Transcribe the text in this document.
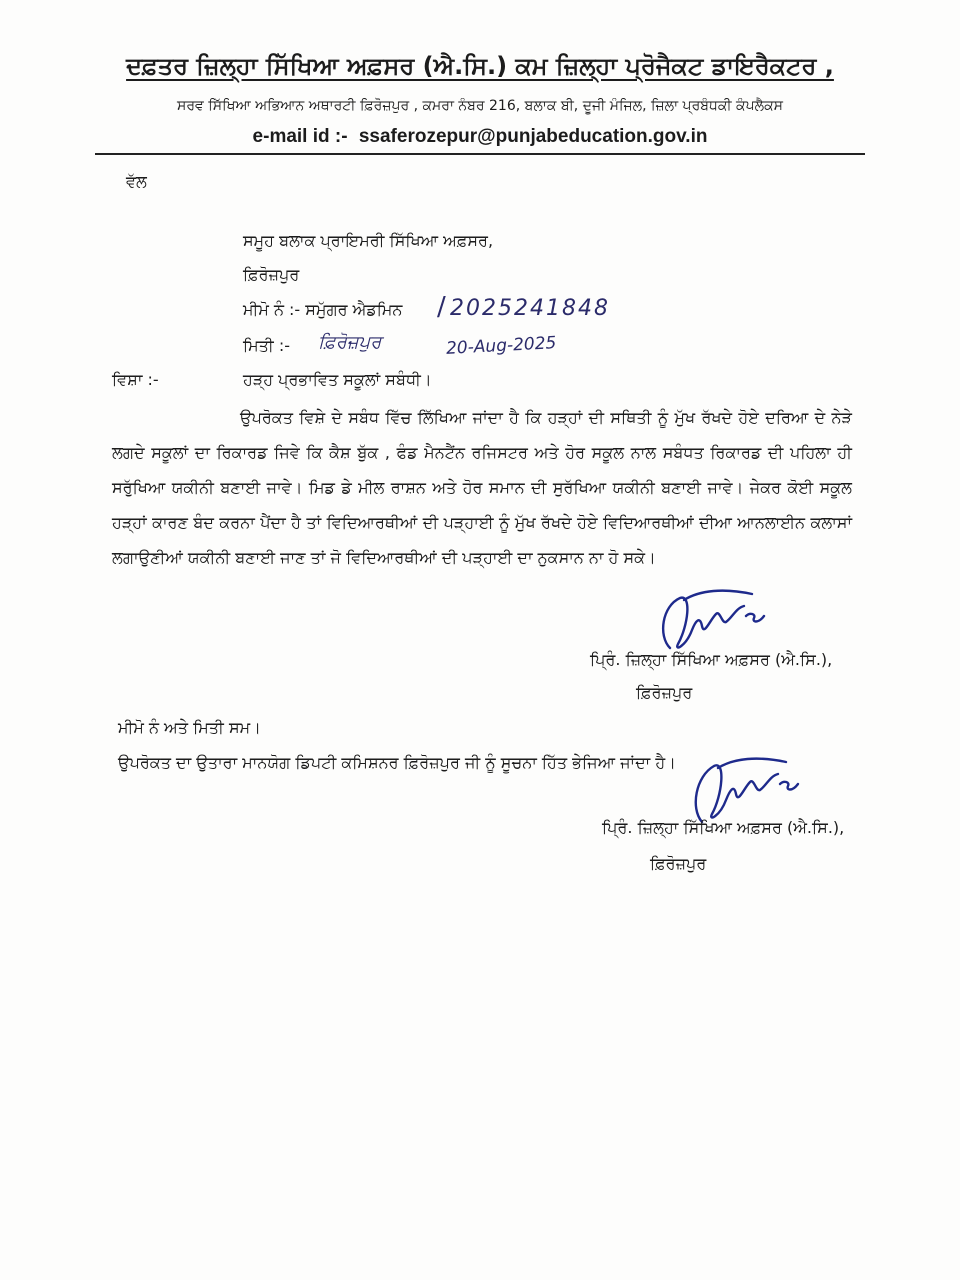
ਦਫ਼ਤਰ ਜ਼ਿਲ੍ਹਾ ਸਿੱਖਿਆ ਅਫ਼ਸਰ (ਐ.ਸਿ.) ਕਮ ਜ਼ਿਲ੍ਹਾ ਪ੍ਰੋਜੈਕਟ ਡਾਇਰੈਕਟਰ ,
ਸਰਵ ਸਿੱਖਿਆ ਅਭਿਆਨ ਅਥਾਰਟੀ ਫ਼ਿਰੋਜ਼ਪੁਰ , ਕਮਰਾ ਨੰਬਰ 216, ਬਲਾਕ ਬੀ, ਦੂਜੀ ਮੰਜਿਲ, ਜ਼ਿਲਾ ਪ੍ਰਬੰਧਕੀ ਕੰਪਲੈਕਸ
e-mail id :- ssaferozepur@punjabeducation.gov.in
ਵੱਲ
ਸਮੂਹ ਬਲਾਕ ਪ੍ਰਾਇਮਰੀ ਸਿੱਖਿਆ ਅਫ਼ਸਰ,
ਫ਼ਿਰੋਜ਼ਪੁਰ
ਮੀਮੋ ਨੰ :- ਸਮੁੱਗਰ ਐਡਮਿਨ / 2025241848
ਮਿਤੀ :- ਫ਼ਿਰੋਜ਼ਪੁਰ	20-Aug-2025
ਵਿਸ਼ਾ :-	ਹੜ੍ਹ ਪ੍ਰਭਾਵਿਤ ਸਕੂਲਾਂ ਸਬੰਧੀ।
ਉਪਰੋਕਤ ਵਿਸ਼ੇ ਦੇ ਸਬੰਧ ਵਿੱਚ ਲਿੱਖਿਆ ਜਾਂਦਾ ਹੈ ਕਿ ਹੜ੍ਹਾਂ ਦੀ ਸਥਿਤੀ ਨੂੰ ਮੁੱਖ ਰੱਖਦੇ ਹੋਏ ਦਰਿਆ ਦੇ ਨੇੜੇ ਲਗਦੇ ਸਕੂਲਾਂ ਦਾ ਰਿਕਾਰਡ ਜਿਵੇ ਕਿ ਕੈਸ਼ ਬੁੱਕ , ਫੰਡ ਮੈਨਟੈਂਨ ਰਜਿਸਟਰ ਅਤੇ ਹੋਰ ਸਕੂਲ ਨਾਲ ਸਬੰਧਤ ਰਿਕਾਰਡ ਦੀ ਪਹਿਲਾ ਹੀ ਸਰੁੱਖਿਆ ਯਕੀਨੀ ਬਣਾਈ ਜਾਵੇ। ਮਿਡ ਡੇ ਮੀਲ ਰਾਸ਼ਨ ਅਤੇ ਹੋਰ ਸਮਾਨ ਦੀ ਸੁਰੱਖਿਆ ਯਕੀਨੀ ਬਣਾਈ ਜਾਵੇ। ਜੇਕਰ ਕੋਈ ਸਕੂਲ ਹੜ੍ਹਾਂ ਕਾਰਣ ਬੰਦ ਕਰਨਾ ਪੈਂਦਾ ਹੈ ਤਾਂ ਵਿਦਿਆਰਥੀਆਂ ਦੀ ਪੜ੍ਹਾਈ ਨੂੰ ਮੁੱਖ ਰੱਖਦੇ ਹੋਏ ਵਿਦਿਆਰਥੀਆਂ ਦੀਆ ਆਨਲਾਈਨ ਕਲਾਸਾਂ ਲਗਾਉਣੀਆਂ ਯਕੀਨੀ ਬਣਾਈ ਜਾਣ ਤਾਂ ਜੋ ਵਿਦਿਆਰਥੀਆਂ ਦੀ ਪੜ੍ਹਾਈ ਦਾ ਨੁਕਸਾਨ ਨਾ ਹੋ ਸਕੇ।
ਪ੍ਰਿੰ. ਜ਼ਿਲ੍ਹਾ ਸਿੱਖਿਆ ਅਫ਼ਸਰ (ਐ.ਸਿ.),
ਫ਼ਿਰੋਜ਼ਪੁਰ
ਮੀਮੋ ਨੰ ਅਤੇ ਮਿਤੀ ਸਮ।
ਉਪਰੋਕਤ ਦਾ ਉਤਾਰਾ ਮਾਨਯੋਗ ਡਿਪਟੀ ਕਮਿਸ਼ਨਰ ਫ਼ਿਰੋਜ਼ਪੁਰ ਜੀ ਨੂੰ ਸੂਚਨਾ ਹਿੱਤ ਭੇਜਿਆ ਜਾਂਦਾ ਹੈ।
ਪ੍ਰਿੰ. ਜ਼ਿਲ੍ਹਾ ਸਿੱਖਿਆ ਅਫ਼ਸਰ (ਐ.ਸਿ.),
ਫ਼ਿਰੋਜ਼ਪੁਰ
